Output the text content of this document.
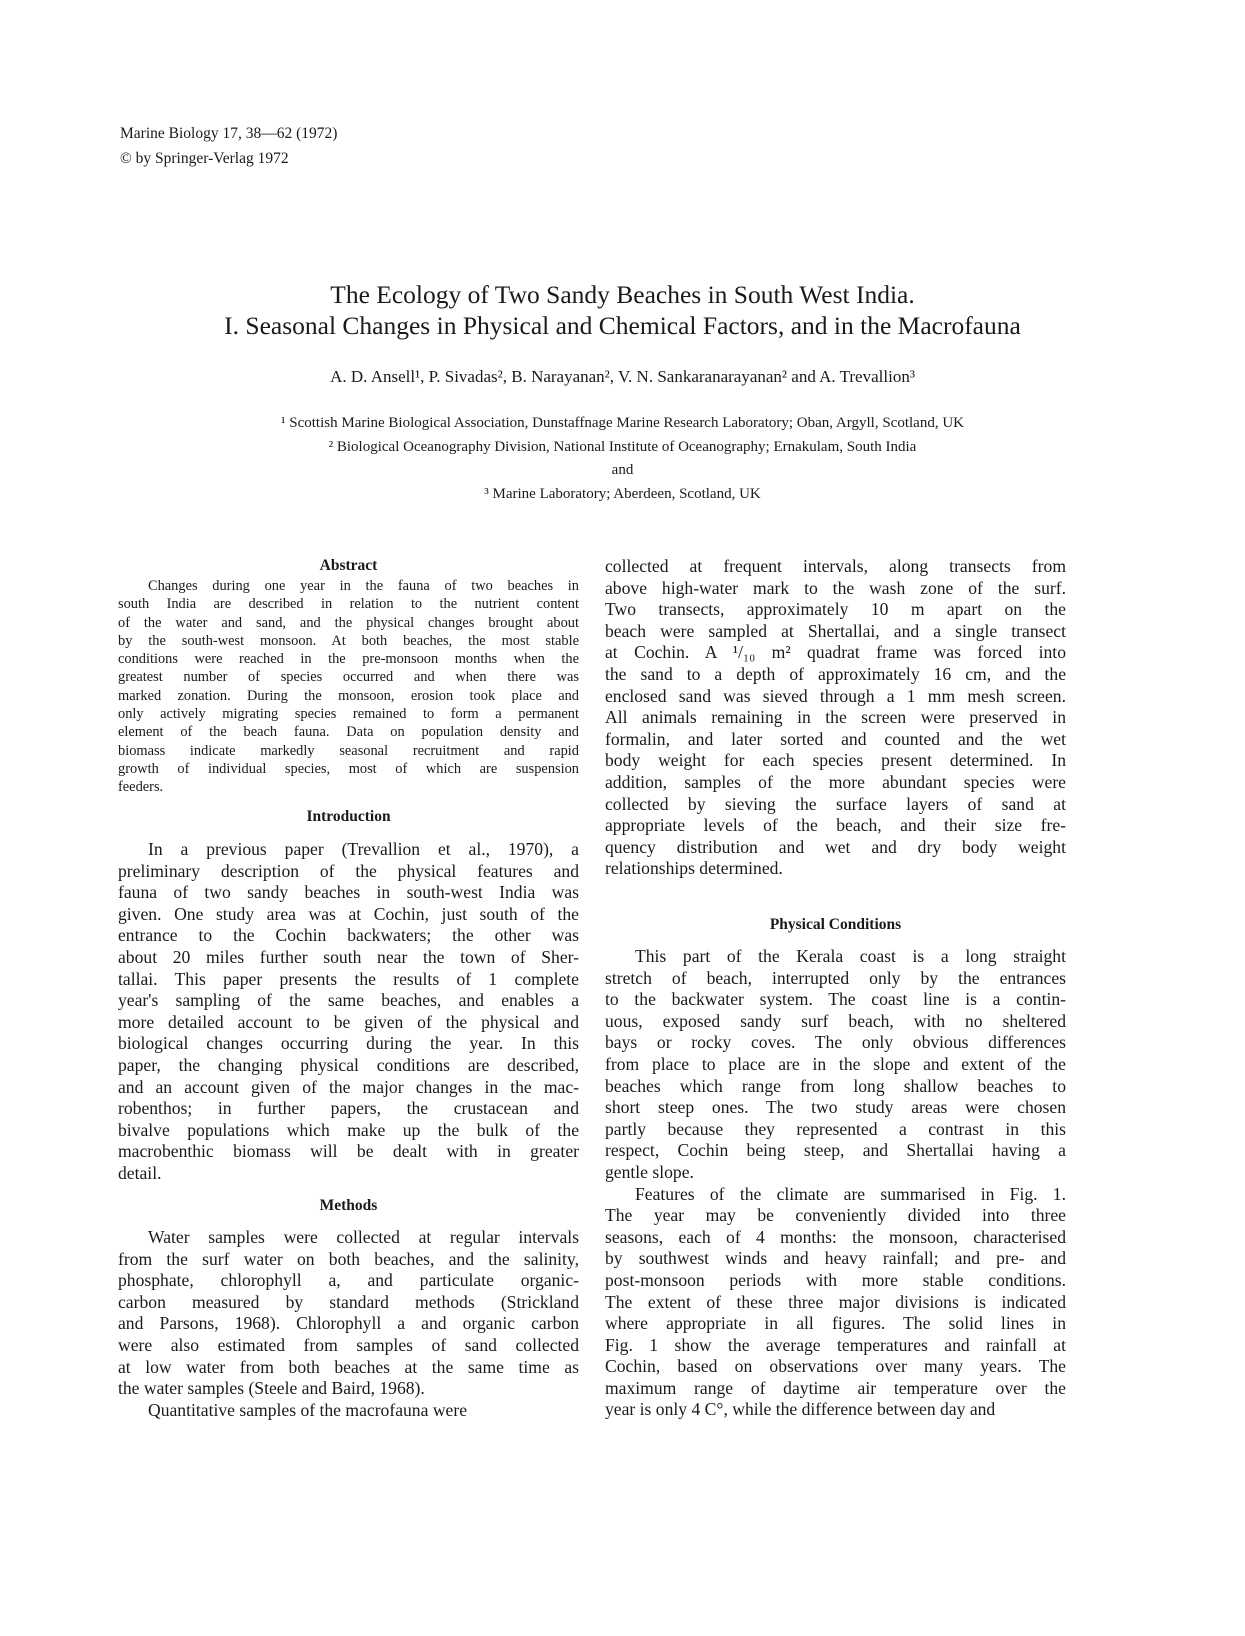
Marine Biology 17, 38—62 (1972)
© by Springer-Verlag 1972
The Ecology of Two Sandy Beaches in South West India.
I. Seasonal Changes in Physical and Chemical Factors, and in the Macrofauna
A. D. Ansell¹, P. Sivadas², B. Narayanan², V. N. Sankaranarayanan² and A. Trevallion³
¹ Scottish Marine Biological Association, Dunstaffnage Marine Research Laboratory; Oban, Argyll, Scotland, UK
² Biological Oceanography Division, National Institute of Oceanography; Ernakulam, South India
and
³ Marine Laboratory; Aberdeen, Scotland, UK
Abstract
Changes during one year in the fauna of two beaches in
south India are described in relation to the nutrient content
of the water and sand, and the physical changes brought about
by the south-west monsoon. At both beaches, the most stable
conditions were reached in the pre-monsoon months when the
greatest number of species occurred and when there was
marked zonation. During the monsoon, erosion took place and
only actively migrating species remained to form a permanent
element of the beach fauna. Data on population density and
biomass indicate markedly seasonal recruitment and rapid
growth of individual species, most of which are suspension
feeders.
Introduction
In a previous paper (Trevallion et al., 1970), a
preliminary description of the physical features and
fauna of two sandy beaches in south-west India was
given. One study area was at Cochin, just south of the
entrance to the Cochin backwaters; the other was
about 20 miles further south near the town of Sher-
tallai. This paper presents the results of 1 complete
year's sampling of the same beaches, and enables a
more detailed account to be given of the physical and
biological changes occurring during the year. In this
paper, the changing physical conditions are described,
and an account given of the major changes in the mac-
robenthos; in further papers, the crustacean and
bivalve populations which make up the bulk of the
macrobenthic biomass will be dealt with in greater
detail.
Methods
Water samples were collected at regular intervals
from the surf water on both beaches, and the salinity,
phosphate, chlorophyll a, and particulate organic-
carbon measured by standard methods (Strickland
and Parsons, 1968). Chlorophyll a and organic carbon
were also estimated from samples of sand collected
at low water from both beaches at the same time as
the water samples (Steele and Baird, 1968).
Quantitative samples of the macrofauna were
collected at frequent intervals, along transects from
above high-water mark to the wash zone of the surf.
Two transects, approximately 10 m apart on the
beach were sampled at Shertallai, and a single transect
at Cochin. A ¹/₁₀ m² quadrat frame was forced into
the sand to a depth of approximately 16 cm, and the
enclosed sand was sieved through a 1 mm mesh screen.
All animals remaining in the screen were preserved in
formalin, and later sorted and counted and the wet
body weight for each species present determined. In
addition, samples of the more abundant species were
collected by sieving the surface layers of sand at
appropriate levels of the beach, and their size fre-
quency distribution and wet and dry body weight
relationships determined.
Physical Conditions
This part of the Kerala coast is a long straight
stretch of beach, interrupted only by the entrances
to the backwater system. The coast line is a contin-
uous, exposed sandy surf beach, with no sheltered
bays or rocky coves. The only obvious differences
from place to place are in the slope and extent of the
beaches which range from long shallow beaches to
short steep ones. The two study areas were chosen
partly because they represented a contrast in this
respect, Cochin being steep, and Shertallai having a
gentle slope.
Features of the climate are summarised in Fig. 1.
The year may be conveniently divided into three
seasons, each of 4 months: the monsoon, characterised
by southwest winds and heavy rainfall; and pre- and
post-monsoon periods with more stable conditions.
The extent of these three major divisions is indicated
where appropriate in all figures. The solid lines in
Fig. 1 show the average temperatures and rainfall at
Cochin, based on observations over many years. The
maximum range of daytime air temperature over the
year is only 4 C°, while the difference between day and
